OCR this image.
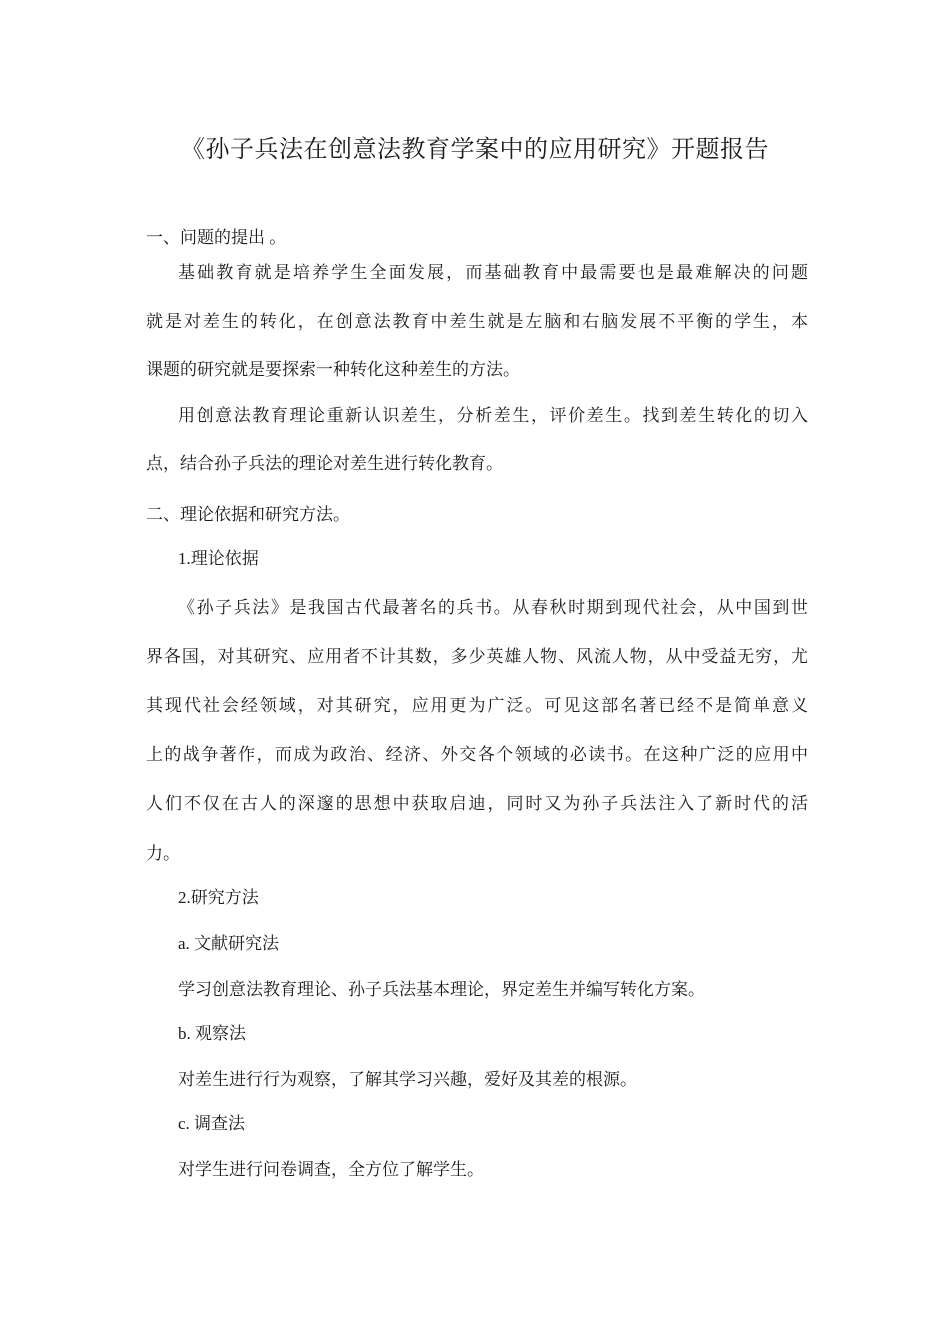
《孙子兵法在创意法教育学案中的应用研究》开题报告
一、问题的提出 。
基础教育就是培养学生全面发展，而基础教育中最需要也是最难解决的问题
就是对差生的转化，在创意法教育中差生就是左脑和右脑发展不平衡的学生，本
课题的研究就是要探索一种转化这种差生的方法。
用创意法教育理论重新认识差生，分析差生，评价差生。找到差生转化的切入
点，结合孙子兵法的理论对差生进行转化教育。
二、理论依据和研究方法。
1.理论依据
《孙子兵法》是我国古代最著名的兵书。从春秋时期到现代社会，从中国到世
界各国，对其研究、应用者不计其数，多少英雄人物、风流人物，从中受益无穷，尤
其现代社会经领域，对其研究，应用更为广泛。可见这部名著已经不是简单意义
上的战争著作，而成为政治、经济、外交各个领域的必读书。在这种广泛的应用中
人们不仅在古人的深邃的思想中获取启迪，同时又为孙子兵法注入了新时代的活
力。
2.研究方法
a. 文献研究法
学习创意法教育理论、孙子兵法基本理论，界定差生并编写转化方案。
b. 观察法
对差生进行行为观察，了解其学习兴趣，爱好及其差的根源。
c. 调查法
对学生进行问卷调查，全方位了解学生。
